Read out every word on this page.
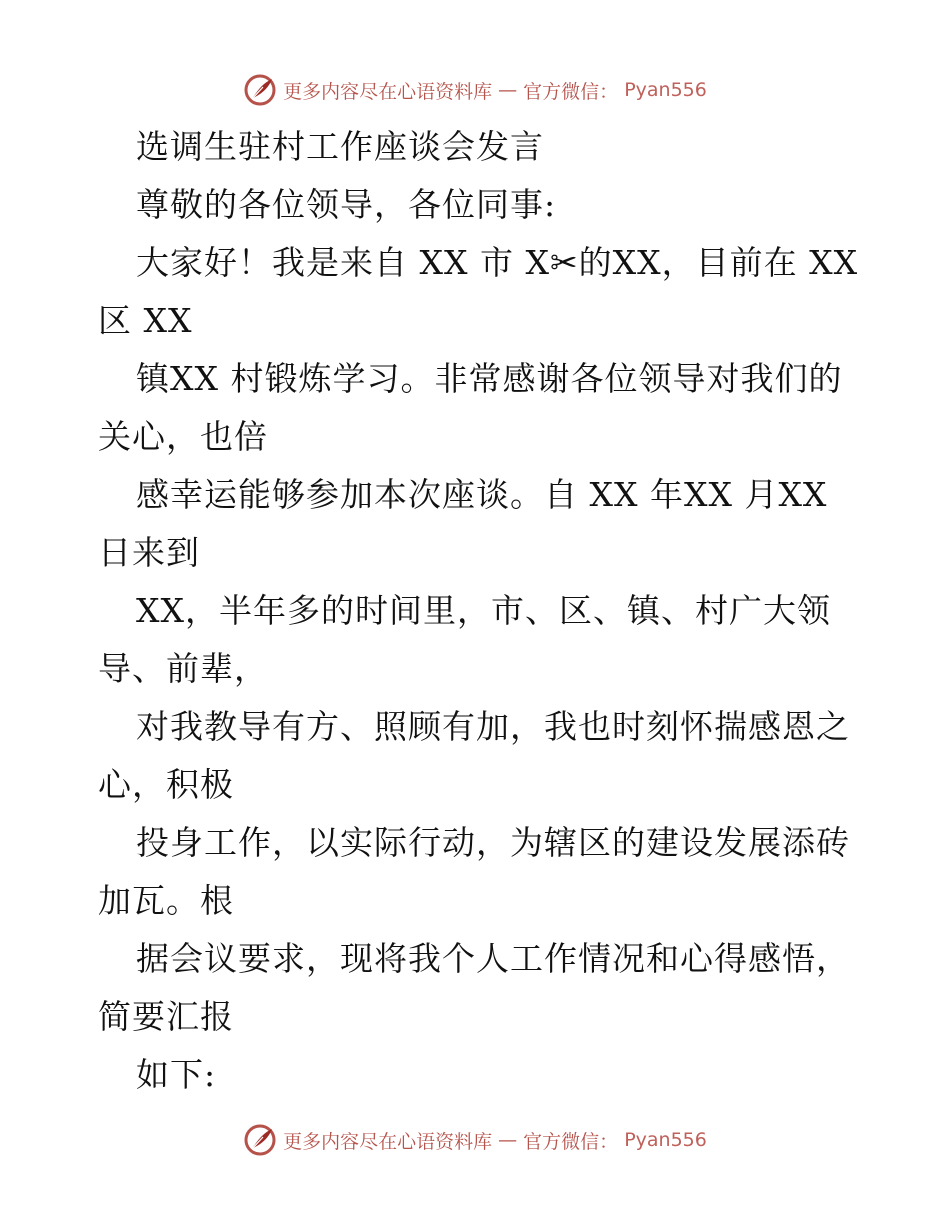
更多内容尽在心语资料库 — 官方微信： Pyan556
选调生驻村工作座谈会发言
尊敬的各位领导，各位同事:
大家好！我是来自 XX 市 X✂的XX，目前在 XX
区 XX
镇XX 村锻炼学习。非常感谢各位领导对我们的
关心，也倍
感幸运能够参加本次座谈。自 XX 年XX 月XX
日来到
XX，半年多的时间里，市、区、镇、村广大领
导、前辈，
对我教导有方、照顾有加，我也时刻怀揣感恩之
心，积极
投身工作，以实际行动，为辖区的建设发展添砖
加瓦。根
据会议要求，现将我个人工作情况和心得感悟，
简要汇报
如下:
更多内容尽在心语资料库 — 官方微信： Pyan556
